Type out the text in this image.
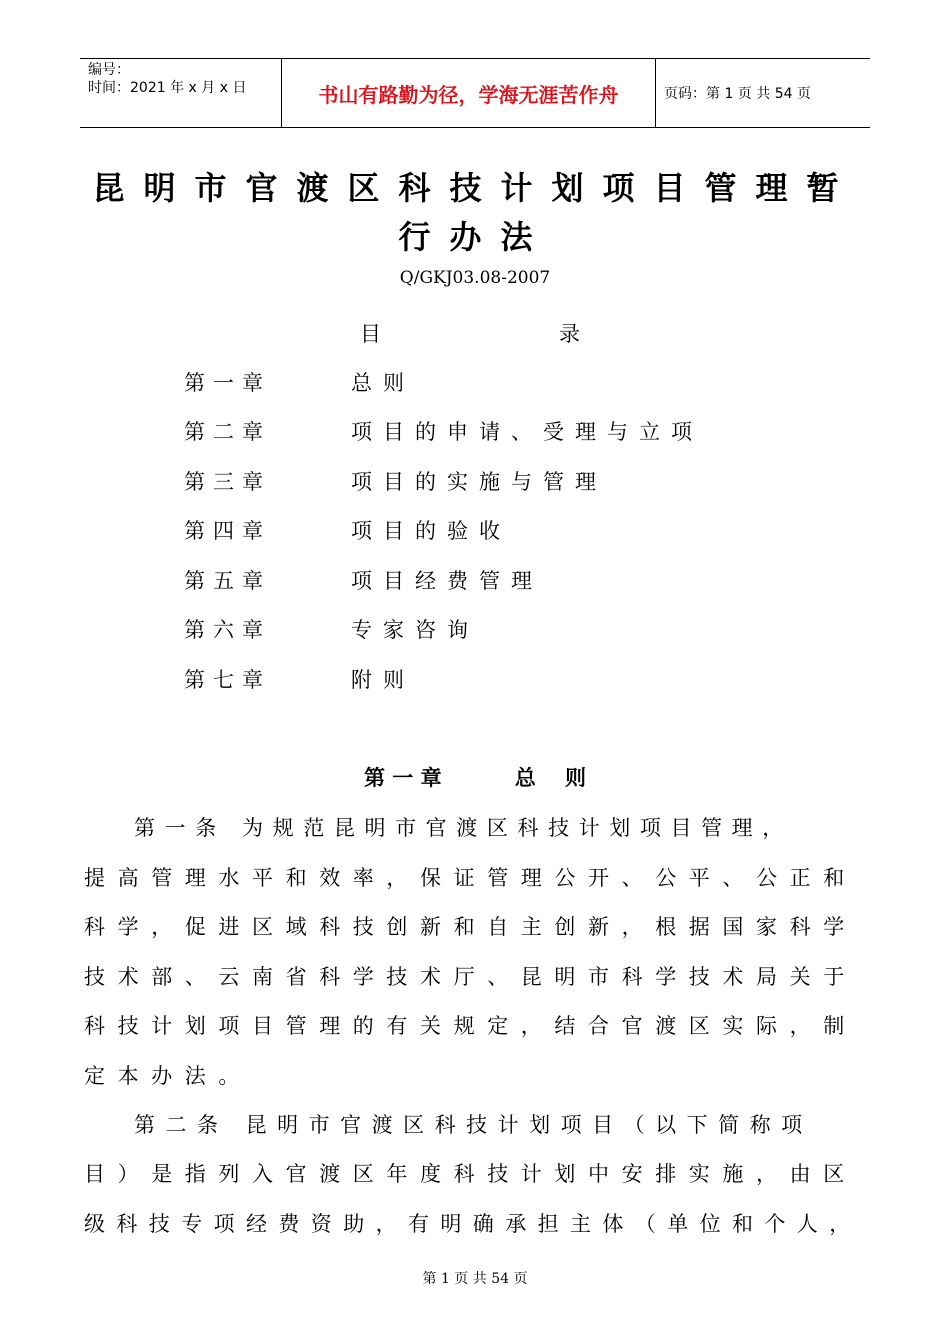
编号：
时间：2021 年 x 月 x 日	书山有路勤为径，学海无涯苦作舟	页码：第 1 页 共 54 页
昆明市官渡区科技计划项目管理暂
行办法
Q/GKJ03.08-2007
目	录
第一章	总则
第二章	项目的申请、受理与立项
第三章	项目的实施与管理
第四章	项目的验收
第五章	项目经费管理
第六章	专家咨询
第七章	附则
第 一 章          总    则
第一条 为规范昆明市官渡区科技计划项目管理，
提高管理水平和效率，保证管理公开、公平、公正和
科学，促进区域科技创新和自主创新，根据国家科学
技术部、云南省科学技术厅、昆明市科学技术局关于
科技计划项目管理的有关规定，结合官渡区实际，制
定本办法。
第二条 昆明市官渡区科技计划项目（以下简称项
目）是指列入官渡区年度科技计划中安排实施，由区
级科技专项经费资助，有明确承担主体（单位和个人，
第 1 页 共 54 页
